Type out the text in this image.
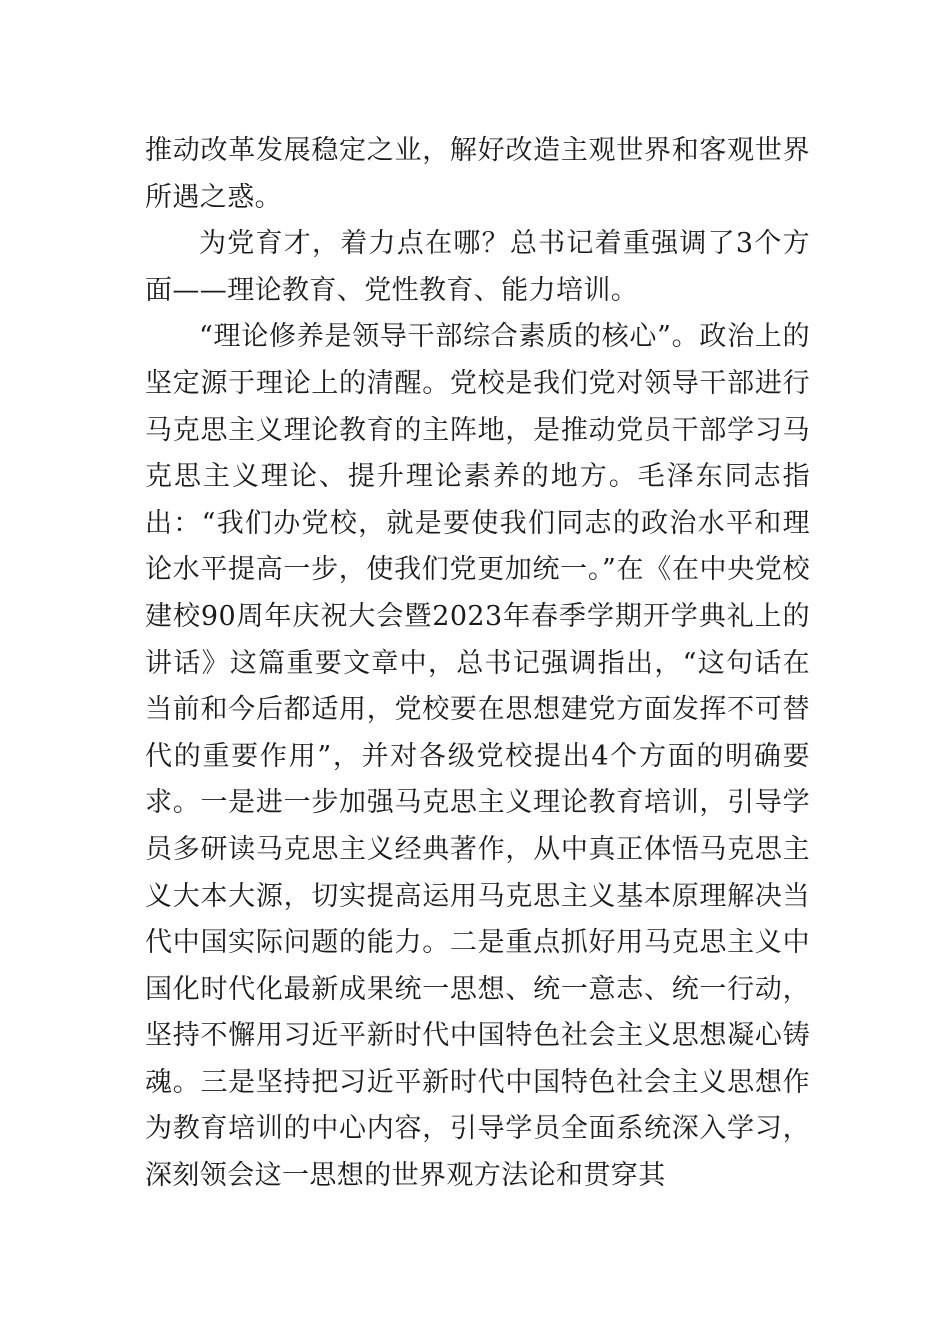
推动改革发展稳定之业，解好改造主观世界和客观世界所遇之惑。

为党育才，着力点在哪？总书记着重强调了3个方面——理论教育、党性教育、能力培训。

“理论修养是领导干部综合素质的核心”。政治上的坚定源于理论上的清醒。党校是我们党对领导干部进行马克思主义理论教育的主阵地，是推动党员干部学习马克思主义理论、提升理论素养的地方。毛泽东同志指出：“我们办党校，就是要使我们同志的政治水平和理论水平提高一步，使我们党更加统一。”在《在中央党校建校90周年庆祝大会暨2023年春季学期开学典礼上的讲话》这篇重要文章中，总书记强调指出，“这句话在当前和今后都适用，党校要在思想建党方面发挥不可替代的重要作用”，并对各级党校提出4个方面的明确要求。一是进一步加强马克思主义理论教育培训，引导学员多研读马克思主义经典著作，从中真正体悟马克思主义大本大源，切实提高运用马克思主义基本原理解决当代中国实际问题的能力。二是重点抓好用马克思主义中国化时代化最新成果统一思想、统一意志、统一行动，坚持不懈用习近平新时代中国特色社会主义思想凝心铸魂。三是坚持把习近平新时代中国特色社会主义思想作为教育培训的中心内容，引导学员全面系统深入学习，深刻领会这一思想的世界观方法论和贯穿其
